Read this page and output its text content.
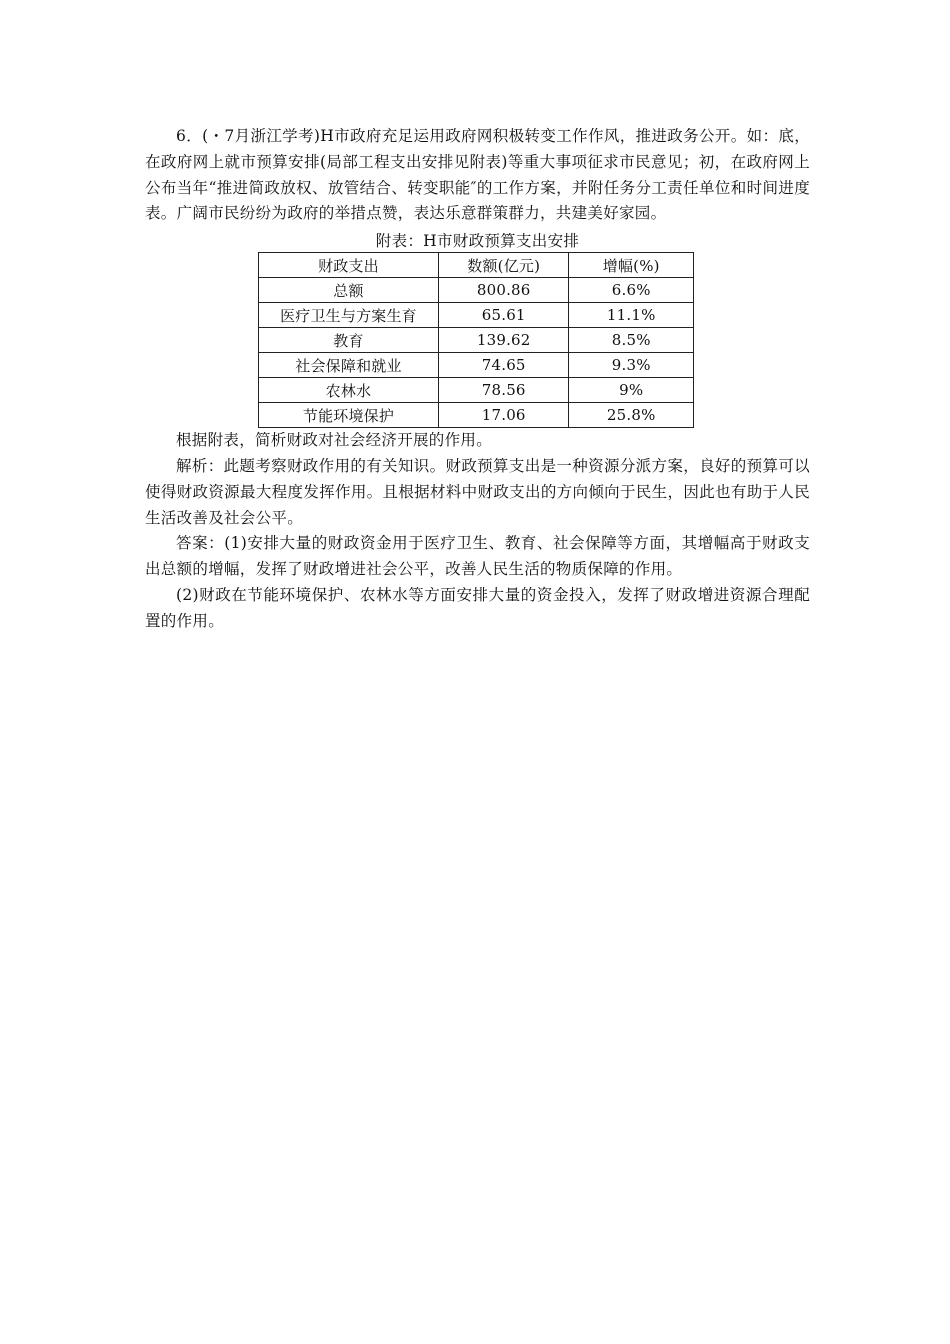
6．(・7月浙江学考)H市政府充足运用政府网积极转变工作作风，推进政务公开。如：底，在政府网上就市预算安排(局部工程支出安排见附表)等重大事项征求市民意见；初，在政府网上公布当年“推进简政放权、放管结合、转变职能″的工作方案，并附任务分工责任单位和时间进度表。广阔市民纷纷为政府的举措点赞，表达乐意群策群力，共建美好家园。

附表：H市财政预算支出安排
财政支出	数额(亿元)	增幅(%)
总额	800.86	6.6%
医疗卫生与方案生育	65.61	11.1%
教育	139.62	8.5%
社会保障和就业	74.65	9.3%
农林水	78.56	9%
节能环境保护	17.06	25.8%

根据附表，简析财政对社会经济开展的作用。

解析：此题考察财政作用的有关知识。财政预算支出是一种资源分派方案，良好的预算可以使得财政资源最大程度发挥作用。且根据材料中财政支出的方向倾向于民生，因此也有助于人民生活改善及社会公平。

答案：(1)安排大量的财政资金用于医疗卫生、教育、社会保障等方面，其增幅高于财政支出总额的增幅，发挥了财政增进社会公平，改善人民生活的物质保障的作用。

(2)财政在节能环境保护、农林水等方面安排大量的资金投入，发挥了财政增进资源合理配置的作用。
